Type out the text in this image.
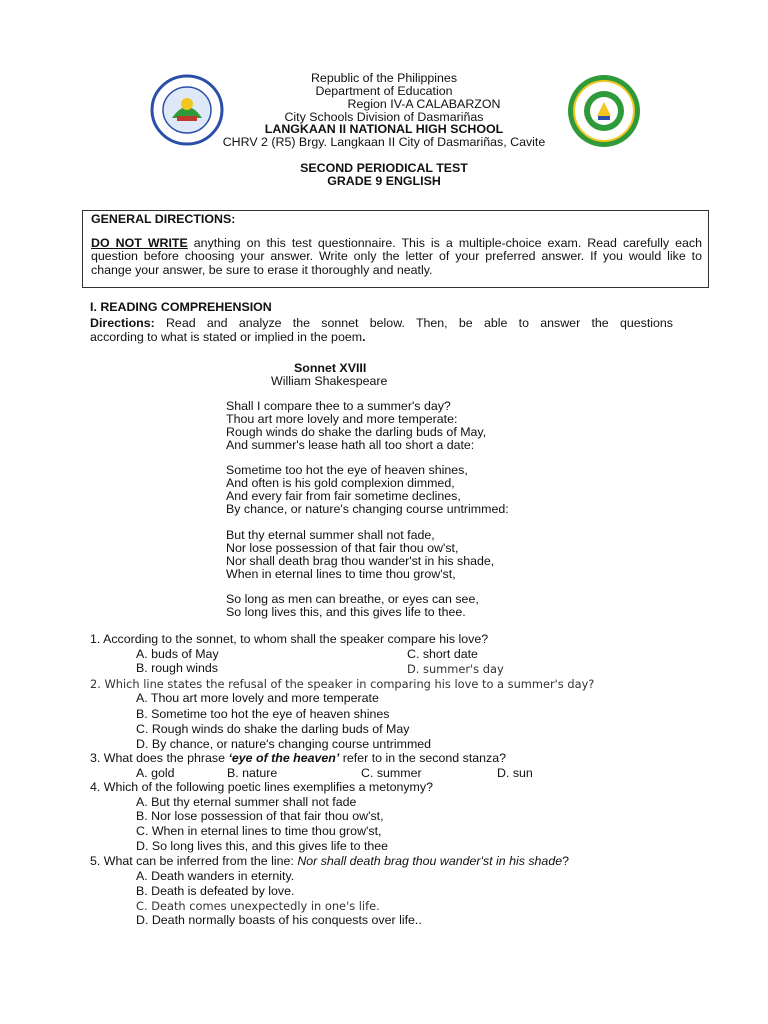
Republic of the Philippines
Department of Education
Region IV-A CALABARZON
City Schools Division of Dasmariñas
LANGKAAN II NATIONAL HIGH SCHOOL
CHRV 2 (R5) Brgy. Langkaan II City of Dasmariñas, Cavite
SECOND PERIODICAL TEST
GRADE 9 ENGLISH
GENERAL DIRECTIONS:
DO NOT WRITE anything on this test questionnaire. This is a multiple-choice exam. Read carefully each question before choosing your answer. Write only the letter of your preferred answer. If you would like to change your answer, be sure to erase it thoroughly and neatly.
I. READING COMPREHENSION
Directions: Read and analyze the sonnet below. Then, be able to answer the questions
according to what is stated or implied in the poem.
Sonnet XVIII
William Shakespeare
Shall I compare thee to a summer's day?
Thou art more lovely and more temperate:
Rough winds do shake the darling buds of May,
And summer's lease hath all too short a date:
Sometime too hot the eye of heaven shines,
And often is his gold complexion dimmed,
And every fair from fair sometime declines,
By chance, or nature's changing course untrimmed:
But thy eternal summer shall not fade,
Nor lose possession of that fair thou ow'st,
Nor shall death brag thou wander'st in his shade,
When in eternal lines to time thou grow'st,
So long as men can breathe, or eyes can see,
So long lives this, and this gives life to thee.
1. According to the sonnet, to whom shall the speaker compare his love?
A. buds of May	C. short date
B. rough winds	D. summer's day
2. Which line states the refusal of the speaker in comparing his love to a summer's day?
A. Thou art more lovely and more temperate
B. Sometime too hot the eye of heaven shines
C. Rough winds do shake the darling buds of May
D. By chance, or nature's changing course untrimmed
3. What does the phrase ‘eye of the heaven’ refer to in the second stanza?
A. gold	B. nature	C. summer	D. sun
4. Which of the following poetic lines exemplifies a metonymy?
A. But thy eternal summer shall not fade
B. Nor lose possession of that fair thou ow'st,
C. When in eternal lines to time thou grow'st,
D. So long lives this, and this gives life to thee
5. What can be inferred from the line: Nor shall death brag thou wander'st in his shade?
A. Death wanders in eternity.
B. Death is defeated by love.
C. Death comes unexpectedly in one's life.
D. Death normally boasts of his conquests over life..
